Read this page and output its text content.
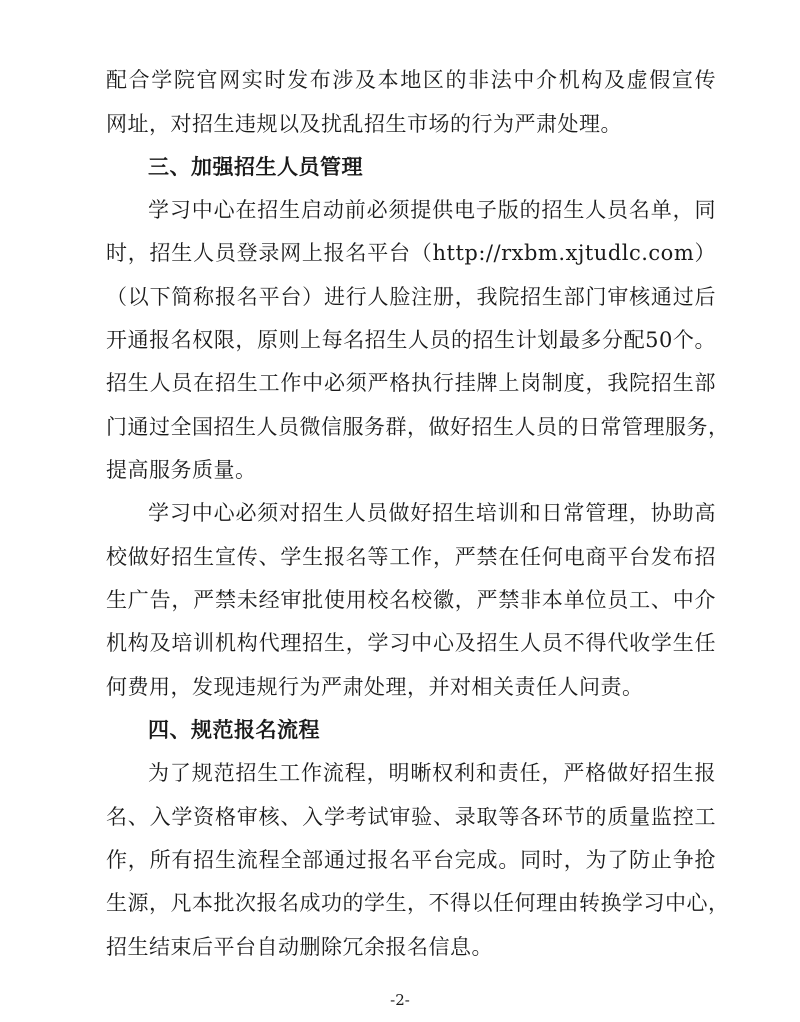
配合学院官网实时发布涉及本地区的非法中介机构及虚假宣传
网址，对招生违规以及扰乱招生市场的行为严肃处理。
三、加强招生人员管理
学习中心在招生启动前必须提供电子版的招生人员名单，同
时，招生人员登录网上报名平台（http://rxbm.xjtudlc.com）
（以下简称报名平台）进行人脸注册，我院招生部门审核通过后
开通报名权限，原则上每名招生人员的招生计划最多分配50个。
招生人员在招生工作中必须严格执行挂牌上岗制度，我院招生部
门通过全国招生人员微信服务群，做好招生人员的日常管理服务，
提高服务质量。
学习中心必须对招生人员做好招生培训和日常管理，协助高
校做好招生宣传、学生报名等工作，严禁在任何电商平台发布招
生广告，严禁未经审批使用校名校徽，严禁非本单位员工、中介
机构及培训机构代理招生，学习中心及招生人员不得代收学生任
何费用，发现违规行为严肃处理，并对相关责任人问责。
四、规范报名流程
为了规范招生工作流程，明晰权利和责任，严格做好招生报
名、入学资格审核、入学考试审验、录取等各环节的质量监控工
作，所有招生流程全部通过报名平台完成。同时，为了防止争抢
生源，凡本批次报名成功的学生，不得以任何理由转换学习中心，
招生结束后平台自动删除冗余报名信息。
-2-
